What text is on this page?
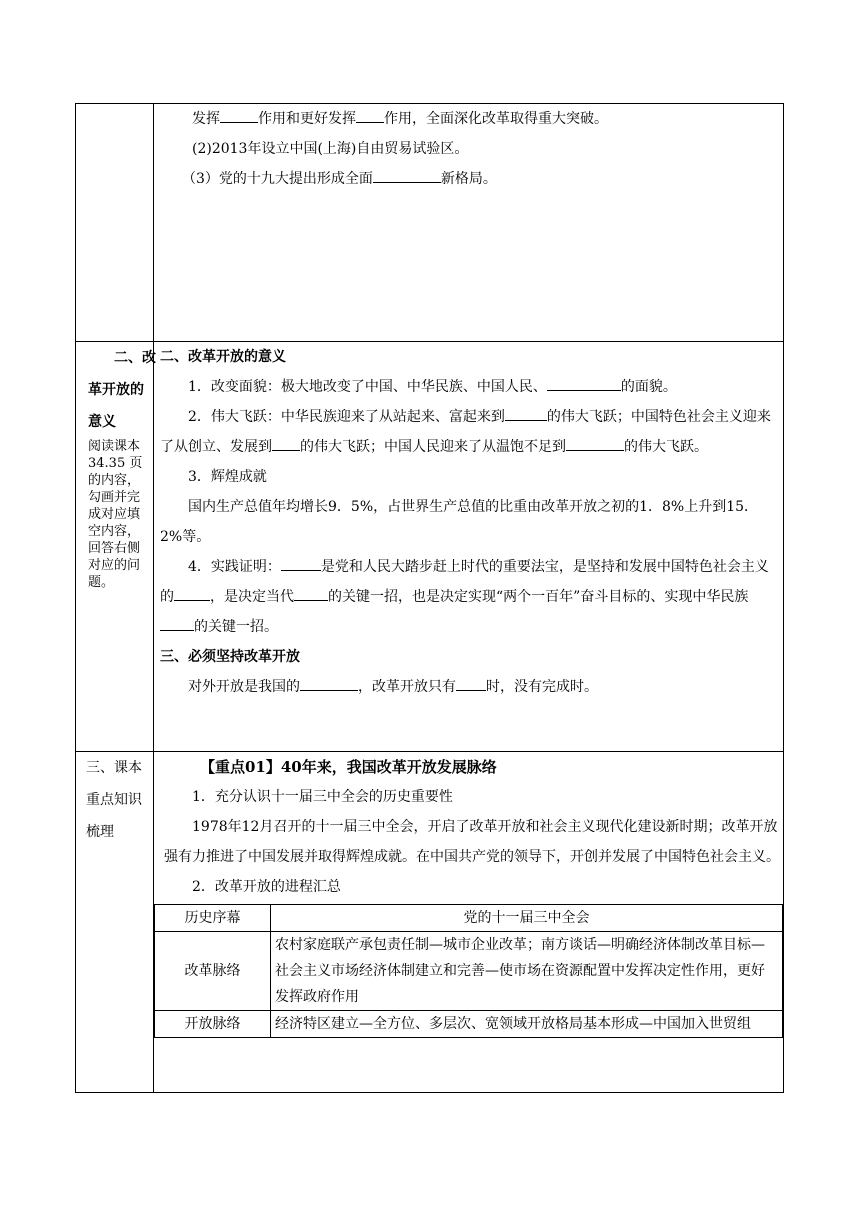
发挥	作用和更好发挥 作用，全面深化改革取得重大突破。

(2)2013年设立中国(上海)自由贸易试验区。

（3）党的十九大提出形成全面	新格局。

二、改

革开放的

意义

阅读课本34.35 页的内容，勾画并完成对应填空内容，回答右侧对应的问题。

二、改革开放的意义

1．改变面貌：极大地改变了中国、中华民族、中国人民、	的面貌。

2．伟大飞跃：中华民族迎来了从站起来、富起来到	的伟大飞跃；中国特色社会主义迎来了从创立、发展到 的伟大飞跃；中国人民迎来了从温饱不足到	的伟大飞跃。

3．辉煌成就

国内生产总值年均增长9．5%，占世界生产总值的比重由改革开放之初的1．8%上升到15．2%等。

4．实践证明：	是党和人民大踏步赶上时代的重要法宝，是坚持和发展中国特色社会主义的	，是决定当代 的关键一招，也是决定实现“两个一百年”奋斗目标的、实现中华民族的关键一招。

三、必须坚持改革开放

对外开放是我国的	，改革开放只有 时，没有完成时。

三、课本重点知识梳理

【重点01】40年来，我国改革开放发展脉络

1．充分认识十一届三中全会的历史重要性

1978年12月召开的十一届三中全会，开启了改革开放和社会主义现代化建设新时期；改革开放强有力推进了中国发展并取得辉煌成就。在中国共产党的领导下，开创并发展了中国特色社会主义。

2．改革开放的进程汇总

历史序幕	党的十一届三中全会
改革脉络	农村家庭联产承包责任制—城市企业改革；南方谈话—明确经济体制改革目标—社会主义市场经济体制建立和完善—使市场在资源配置中发挥决定性作用，更好发挥政府作用
开放脉络	经济特区建立—全方位、多层次、宽领域开放格局基本形成—中国加入世贸组
